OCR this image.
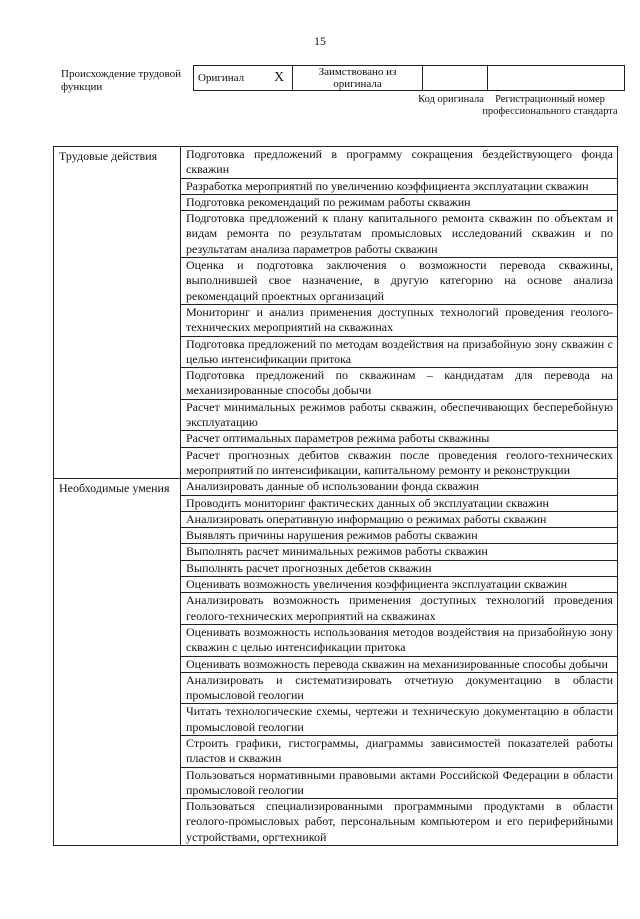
15
Происхождение трудовой функции
Оригинал	X	Заимствовано из оригинала		
Код оригинала	Регистрационный номер профессионального стандарта
Трудовые действия	Подготовка предложений в программу сокращения бездействующего фонда скважин
	Разработка мероприятий по увеличению коэффициента эксплуатации скважин
	Подготовка рекомендаций по режимам работы скважин
	Подготовка предложений к плану капитального ремонта скважин по объектам и видам ремонта по результатам промысловых исследований скважин и по результатам анализа параметров работы скважин
	Оценка и подготовка заключения о возможности перевода скважины, выполнившей свое назначение, в другую категорию на основе анализа рекомендаций проектных организаций
	Мониторинг и анализ применения доступных технологий проведения геолого-технических мероприятий на скважинах
	Подготовка предложений по методам воздействия на призабойную зону скважин с целью интенсификации притока
	Подготовка предложений по скважинам – кандидатам для перевода на механизированные способы добычи
	Расчет минимальных режимов работы скважин, обеспечивающих бесперебойную эксплуатацию
	Расчет оптимальных параметров режима работы скважины
	Расчет прогнозных дебитов скважин после проведения геолого-технических мероприятий по интенсификации, капитальному ремонту и реконструкции
Необходимые умения	Анализировать данные об использовании фонда скважин
	Проводить мониторинг фактических данных об эксплуатации скважин
	Анализировать оперативную информацию о режимах работы скважин
	Выявлять причины нарушения режимов работы скважин
	Выполнять расчет минимальных режимов работы скважин
	Выполнять расчет прогнозных дебетов скважин
	Оценивать возможность увеличения коэффициента эксплуатации скважин
	Анализировать возможность применения доступных технологий проведения геолого-технических мероприятий на скважинах
	Оценивать возможность использования методов воздействия на призабойную зону скважин с целью интенсификации притока
	Оценивать возможность перевода скважин на механизированные способы добычи
	Анализировать и систематизировать отчетную документацию в области промысловой геологии
	Читать технологические схемы, чертежи и техническую документацию в области промысловой геологии
	Строить графики, гистограммы, диаграммы зависимостей показателей работы пластов и скважин
	Пользоваться нормативными правовыми актами Российской Федерации в области промысловой геологии
	Пользоваться специализированными программными продуктами в области геолого-промысловых работ, персональным компьютером и его периферийными устройствами, оргтехникой
